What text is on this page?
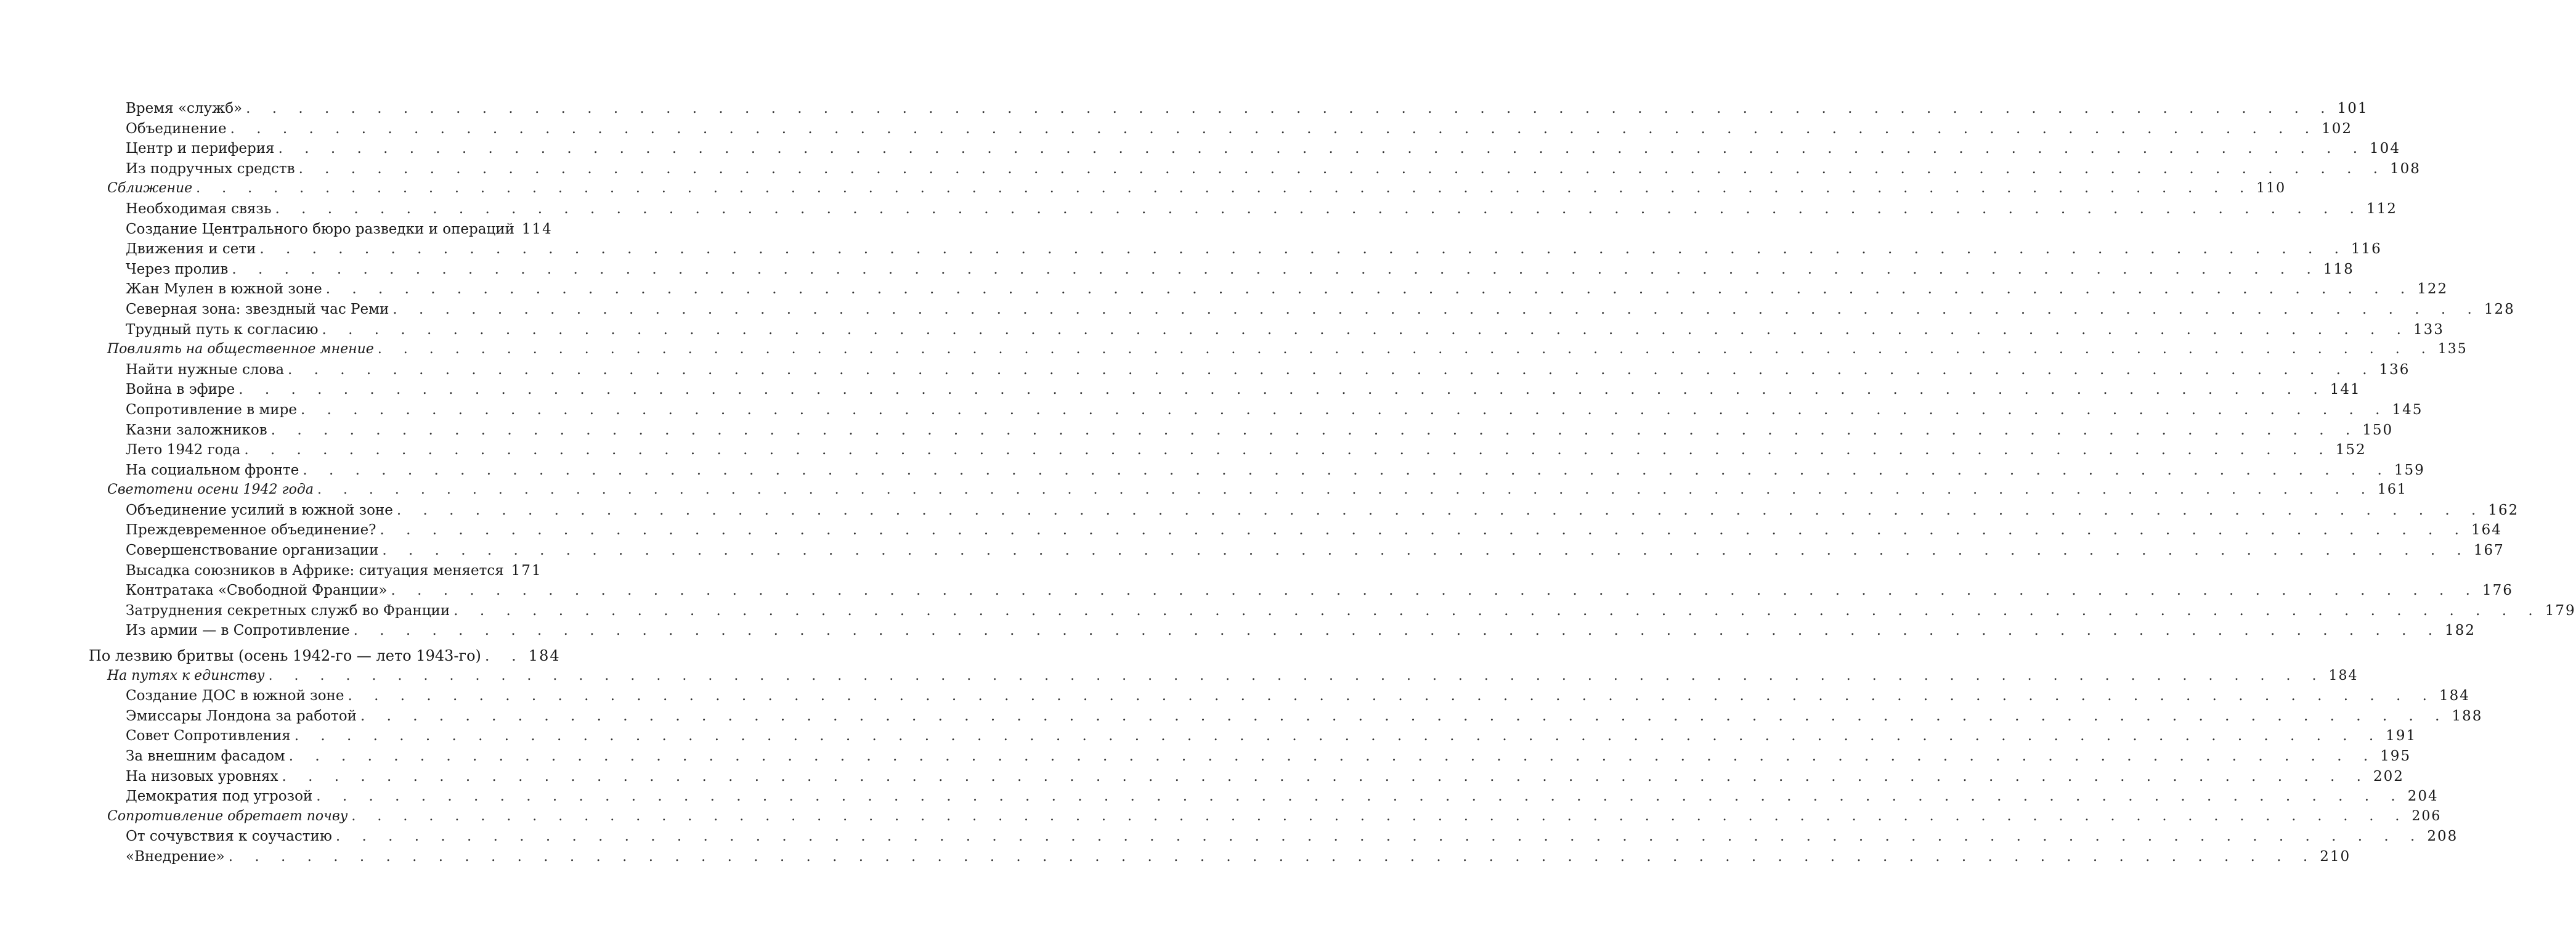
Время «служб» . . . . . . . . . . . . . . . . . . . . . . . . . . . . . . . . . . . . . . . . . . . . . . . . . . . . . . . . . . . . . . . . . . . . . . . . . . . . . . . . 101
Объединение . . . . . . . . . . . . . . . . . . . . . . . . . . . . . . . . . . . . . . . . . . . . . . . . . . . . . . . . . . . . . . . . . . . . . . . . . . . . . . . . 102
Центр и периферия . . . . . . . . . . . . . . . . . . . . . . . . . . . . . . . . . . . . . . . . . . . . . . . . . . . . . . . . . . . . . . . . . . . . . . . . . . . . . . . . 104
Из подручных средств . . . . . . . . . . . . . . . . . . . . . . . . . . . . . . . . . . . . . . . . . . . . . . . . . . . . . . . . . . . . . . . . . . . . . . . . . . . . . . . . 108
Сближение . . . . . . . . . . . . . . . . . . . . . . . . . . . . . . . . . . . . . . . . . . . . . . . . . . . . . . . . . . . . . . . . . . . . . . . . . . . . . . . . 110
Необходимая связь . . . . . . . . . . . . . . . . . . . . . . . . . . . . . . . . . . . . . . . . . . . . . . . . . . . . . . . . . . . . . . . . . . . . . . . . . . . . . . . . 112
Создание Центрального бюро разведки и операций 114
Движения и сети . . . . . . . . . . . . . . . . . . . . . . . . . . . . . . . . . . . . . . . . . . . . . . . . . . . . . . . . . . . . . . . . . . . . . . . . . . . . . . . . 116
Через пролив . . . . . . . . . . . . . . . . . . . . . . . . . . . . . . . . . . . . . . . . . . . . . . . . . . . . . . . . . . . . . . . . . . . . . . . . . . . . . . . . 118
Жан Мулен в южной зоне . . . . . . . . . . . . . . . . . . . . . . . . . . . . . . . . . . . . . . . . . . . . . . . . . . . . . . . . . . . . . . . . . . . . . . . . . . . . . . . . 122
Северная зона: звездный час Реми . . . . . . . . . . . . . . . . . . . . . . . . . . . . . . . . . . . . . . . . . . . . . . . . . . . . . . . . . . . . . . . . . . . . . . . . . . . . . . . . 128
Трудный путь к согласию . . . . . . . . . . . . . . . . . . . . . . . . . . . . . . . . . . . . . . . . . . . . . . . . . . . . . . . . . . . . . . . . . . . . . . . . . . . . . . . . 133
Повлиять на общественное мнение . . . . . . . . . . . . . . . . . . . . . . . . . . . . . . . . . . . . . . . . . . . . . . . . . . . . . . . . . . . . . . . . . . . . . . . . . . . . . . . . 135
Найти нужные слова . . . . . . . . . . . . . . . . . . . . . . . . . . . . . . . . . . . . . . . . . . . . . . . . . . . . . . . . . . . . . . . . . . . . . . . . . . . . . . . . 136
Война в эфире . . . . . . . . . . . . . . . . . . . . . . . . . . . . . . . . . . . . . . . . . . . . . . . . . . . . . . . . . . . . . . . . . . . . . . . . . . . . . . . . 141
Сопротивление в мире . . . . . . . . . . . . . . . . . . . . . . . . . . . . . . . . . . . . . . . . . . . . . . . . . . . . . . . . . . . . . . . . . . . . . . . . . . . . . . . . 145
Казни заложников . . . . . . . . . . . . . . . . . . . . . . . . . . . . . . . . . . . . . . . . . . . . . . . . . . . . . . . . . . . . . . . . . . . . . . . . . . . . . . . . 150
Лето 1942 года . . . . . . . . . . . . . . . . . . . . . . . . . . . . . . . . . . . . . . . . . . . . . . . . . . . . . . . . . . . . . . . . . . . . . . . . . . . . . . . . 152
На социальном фронте . . . . . . . . . . . . . . . . . . . . . . . . . . . . . . . . . . . . . . . . . . . . . . . . . . . . . . . . . . . . . . . . . . . . . . . . . . . . . . . . 159
Светотени осени 1942 года . . . . . . . . . . . . . . . . . . . . . . . . . . . . . . . . . . . . . . . . . . . . . . . . . . . . . . . . . . . . . . . . . . . . . . . . . . . . . . . . 161
Объединение усилий в южной зоне . . . . . . . . . . . . . . . . . . . . . . . . . . . . . . . . . . . . . . . . . . . . . . . . . . . . . . . . . . . . . . . . . . . . . . . . . . . . . . . . 162
Преждевременное объединение? . . . . . . . . . . . . . . . . . . . . . . . . . . . . . . . . . . . . . . . . . . . . . . . . . . . . . . . . . . . . . . . . . . . . . . . . . . . . . . . . 164
Совершенствование организации . . . . . . . . . . . . . . . . . . . . . . . . . . . . . . . . . . . . . . . . . . . . . . . . . . . . . . . . . . . . . . . . . . . . . . . . . . . . . . . . 167
Высадка союзников в Африке: ситуация меняется 171
Контратака «Свободной Франции» . . . . . . . . . . . . . . . . . . . . . . . . . . . . . . . . . . . . . . . . . . . . . . . . . . . . . . . . . . . . . . . . . . . . . . . . . . . . . . . . 176
Затруднения секретных служб во Франции . . . . . . . . . . . . . . . . . . . . . . . . . . . . . . . . . . . . . . . . . . . . . . . . . . . . . . . . . . . . . . . . . . . . . . . . . . . . . . . . 179
Из армии — в Сопротивление . . . . . . . . . . . . . . . . . . . . . . . . . . . . . . . . . . . . . . . . . . . . . . . . . . . . . . . . . . . . . . . . . . . . . . . . . . . . . . . . 182
По лезвию бритвы (осень 1942-го — лето 1943-го) . . 184
На путях к единству . . . . . . . . . . . . . . . . . . . . . . . . . . . . . . . . . . . . . . . . . . . . . . . . . . . . . . . . . . . . . . . . . . . . . . . . . . . . . . . . 184
Создание ДОС в южной зоне . . . . . . . . . . . . . . . . . . . . . . . . . . . . . . . . . . . . . . . . . . . . . . . . . . . . . . . . . . . . . . . . . . . . . . . . . . . . . . . . 184
Эмиссары Лондона за работой . . . . . . . . . . . . . . . . . . . . . . . . . . . . . . . . . . . . . . . . . . . . . . . . . . . . . . . . . . . . . . . . . . . . . . . . . . . . . . . . 188
Совет Сопротивления . . . . . . . . . . . . . . . . . . . . . . . . . . . . . . . . . . . . . . . . . . . . . . . . . . . . . . . . . . . . . . . . . . . . . . . . . . . . . . . . 191
За внешним фасадом . . . . . . . . . . . . . . . . . . . . . . . . . . . . . . . . . . . . . . . . . . . . . . . . . . . . . . . . . . . . . . . . . . . . . . . . . . . . . . . . 195
На низовых уровнях . . . . . . . . . . . . . . . . . . . . . . . . . . . . . . . . . . . . . . . . . . . . . . . . . . . . . . . . . . . . . . . . . . . . . . . . . . . . . . . . 202
Демократия под угрозой . . . . . . . . . . . . . . . . . . . . . . . . . . . . . . . . . . . . . . . . . . . . . . . . . . . . . . . . . . . . . . . . . . . . . . . . . . . . . . . . 204
Сопротивление обретает почву . . . . . . . . . . . . . . . . . . . . . . . . . . . . . . . . . . . . . . . . . . . . . . . . . . . . . . . . . . . . . . . . . . . . . . . . . . . . . . . . 206
От сочувствия к соучастию . . . . . . . . . . . . . . . . . . . . . . . . . . . . . . . . . . . . . . . . . . . . . . . . . . . . . . . . . . . . . . . . . . . . . . . . . . . . . . . . 208
«Внедрение» . . . . . . . . . . . . . . . . . . . . . . . . . . . . . . . . . . . . . . . . . . . . . . . . . . . . . . . . . . . . . . . . . . . . . . . . . . . . . . . . 210
